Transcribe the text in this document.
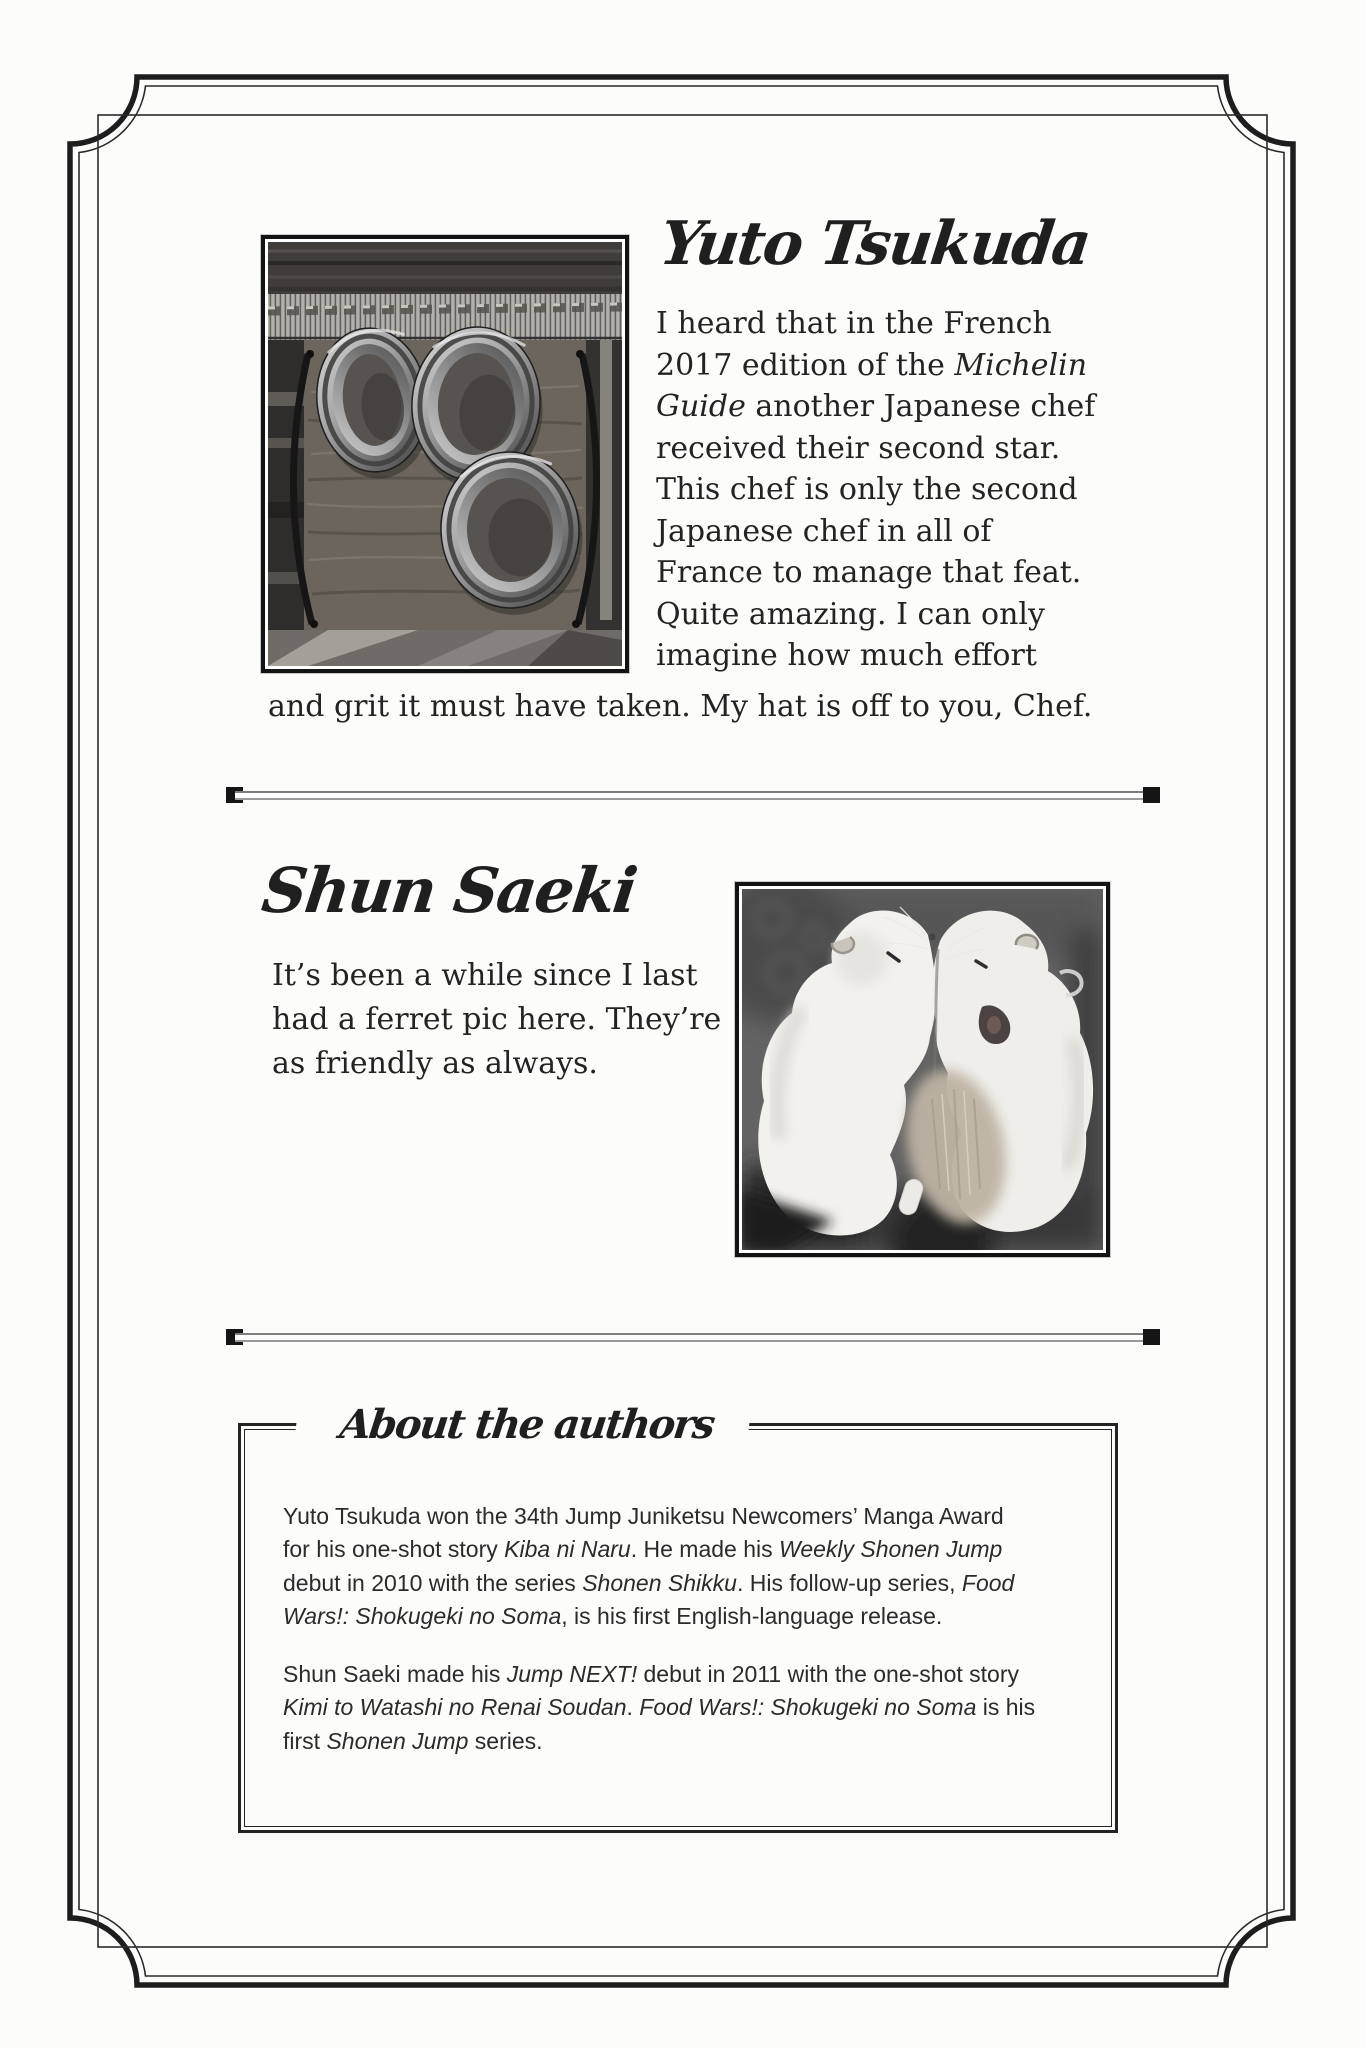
Yuto Tsukuda
I heard that in the French
2017 edition of the Michelin
Guide another Japanese chef
received their second star.
This chef is only the second
Japanese chef in all of
France to manage that feat.
Quite amazing. I can only
imagine how much effort
and grit it must have taken. My hat is off to you, Chef.
Shun Saeki
It’s been a while since I last
had a ferret pic here. They’re
as friendly as always.
About the authors
Yuto Tsukuda won the 34th Jump Juniketsu Newcomers’ Manga Award
for his one-shot story Kiba ni Naru. He made his Weekly Shonen Jump
debut in 2010 with the series Shonen Shikku. His follow-up series, Food
Wars!: Shokugeki no Soma, is his first English-language release.
Shun Saeki made his Jump NEXT! debut in 2011 with the one-shot story
Kimi to Watashi no Renai Soudan. Food Wars!: Shokugeki no Soma is his
first Shonen Jump series.
